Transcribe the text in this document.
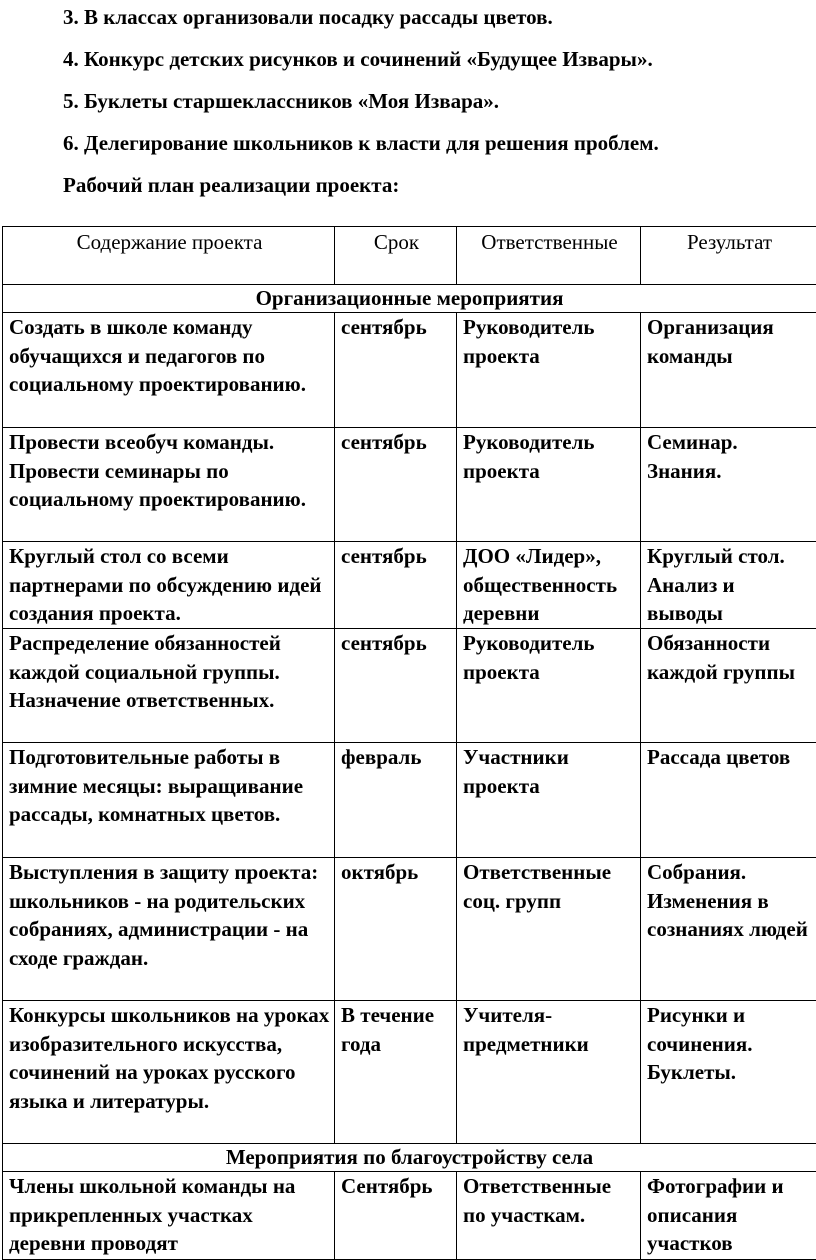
3. В классах организовали посадку рассады цветов.

4. Конкурс детских рисунков и сочинений «Будущее Извары».

5. Буклеты старшеклассников «Моя Извара».

6. Делегирование школьников к власти для решения проблем.

Рабочий план реализации проекта:

Содержание проекта	Срок	Ответственные	Результат
Организационные мероприятия			
Создать в школе команду обучащихся и педагогов по социальному проектированию.	сентябрь	Руководитель проекта	Организация команды
Провести всеобуч команды. Провести семинары по социальному проектированию.	сентябрь	Руководитель проекта	Семинар. Знания.
Круглый стол со всеми партнерами по обсуждению идей создания проекта.	сентябрь	ДОО «Лидер», общественность деревни	Круглый стол. Анализ и выводы
Распределение обязанностей каждой социальной группы. Назначение ответственных.	сентябрь	Руководитель проекта	Обязанности каждой группы
Подготовительные работы в зимние месяцы: выращивание рассады, комнатных цветов.	февраль	Участники проекта	Рассада цветов
Выступления в защиту проекта: школьников - на родительских собраниях, администрации - на сходе граждан.	октябрь	Ответственные соц. групп	Собрания. Изменения в сознаниях людей
Конкурсы школьников на уроках изобразительного искусства, сочинений на уроках русского языка и литературы.	В течение года	Учителя-предметники	Рисунки и сочинения. Буклеты.
Мероприятия по благоустройству села			
Члены школьной команды на прикрепленных участках деревни проводят	Сентябрь	Ответственные по участкам.	Фотографии и описания участков
